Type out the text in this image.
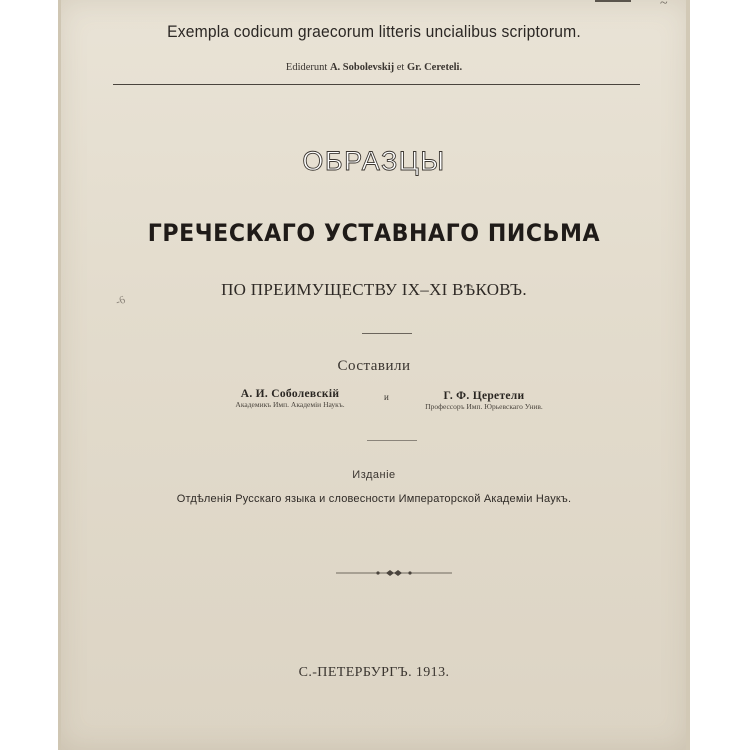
~
Exempla codicum graecorum litteris uncialibus scriptorum.
Ediderunt A. Sobolevskij et Gr. Cereteli.
ОБРАЗЦЫ
ГРЕЧЕСКАГО УСТАВНАГО ПИСЬМА
ПО ПРЕИМУЩЕСТВУ IX–XI ВѢКОВЪ.
-6
Составили
А. И. Соболевскій
Академикъ Имп. Академіи Наукъ.
и	Г. Ф. Церетели
Профессоръ Имп. Юрьевскаго Унив.
Изданіе
Отдѣленія Русскаго языка и словесности Императорской Академіи Наукъ.
С.-ПЕТЕРБУРГЪ. 1913.
